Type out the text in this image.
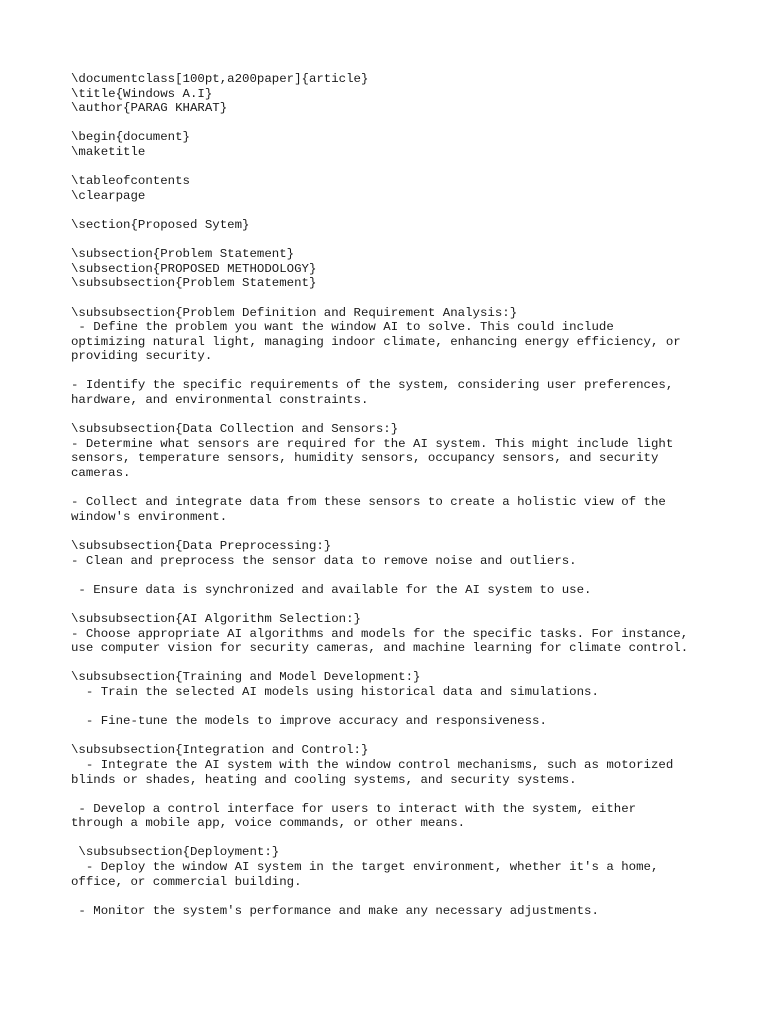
\documentclass[100pt,a200paper]{article}
\title{Windows A.I}
\author{PARAG KHARAT}
\begin{document}
\maketitle
\tableofcontents
\clearpage
\section{Proposed Sytem}
\subsection{Problem Statement}
\subsection{PROPOSED METHODOLOGY}
\subsubsection{Problem Statement}
\subsubsection{Problem Definition and Requirement Analysis:}
- Define the problem you want the window AI to solve. This could include
optimizing natural light, managing indoor climate, enhancing energy efficiency, or
providing security.
- Identify the specific requirements of the system, considering user preferences,
hardware, and environmental constraints.
\subsubsection{Data Collection and Sensors:}
- Determine what sensors are required for the AI system. This might include light
sensors, temperature sensors, humidity sensors, occupancy sensors, and security
cameras.
- Collect and integrate data from these sensors to create a holistic view of the
window's environment.
\subsubsection{Data Preprocessing:}
- Clean and preprocess the sensor data to remove noise and outliers.
- Ensure data is synchronized and available for the AI system to use.
\subsubsection{AI Algorithm Selection:}
- Choose appropriate AI algorithms and models for the specific tasks. For instance,
use computer vision for security cameras, and machine learning for climate control.
\subsubsection{Training and Model Development:}
- Train the selected AI models using historical data and simulations.
- Fine-tune the models to improve accuracy and responsiveness.
\subsubsection{Integration and Control:}
- Integrate the AI system with the window control mechanisms, such as motorized
blinds or shades, heating and cooling systems, and security systems.
- Develop a control interface for users to interact with the system, either
through a mobile app, voice commands, or other means.
\subsubsection{Deployment:}
- Deploy the window AI system in the target environment, whether it's a home,
office, or commercial building.
- Monitor the system's performance and make any necessary adjustments.
